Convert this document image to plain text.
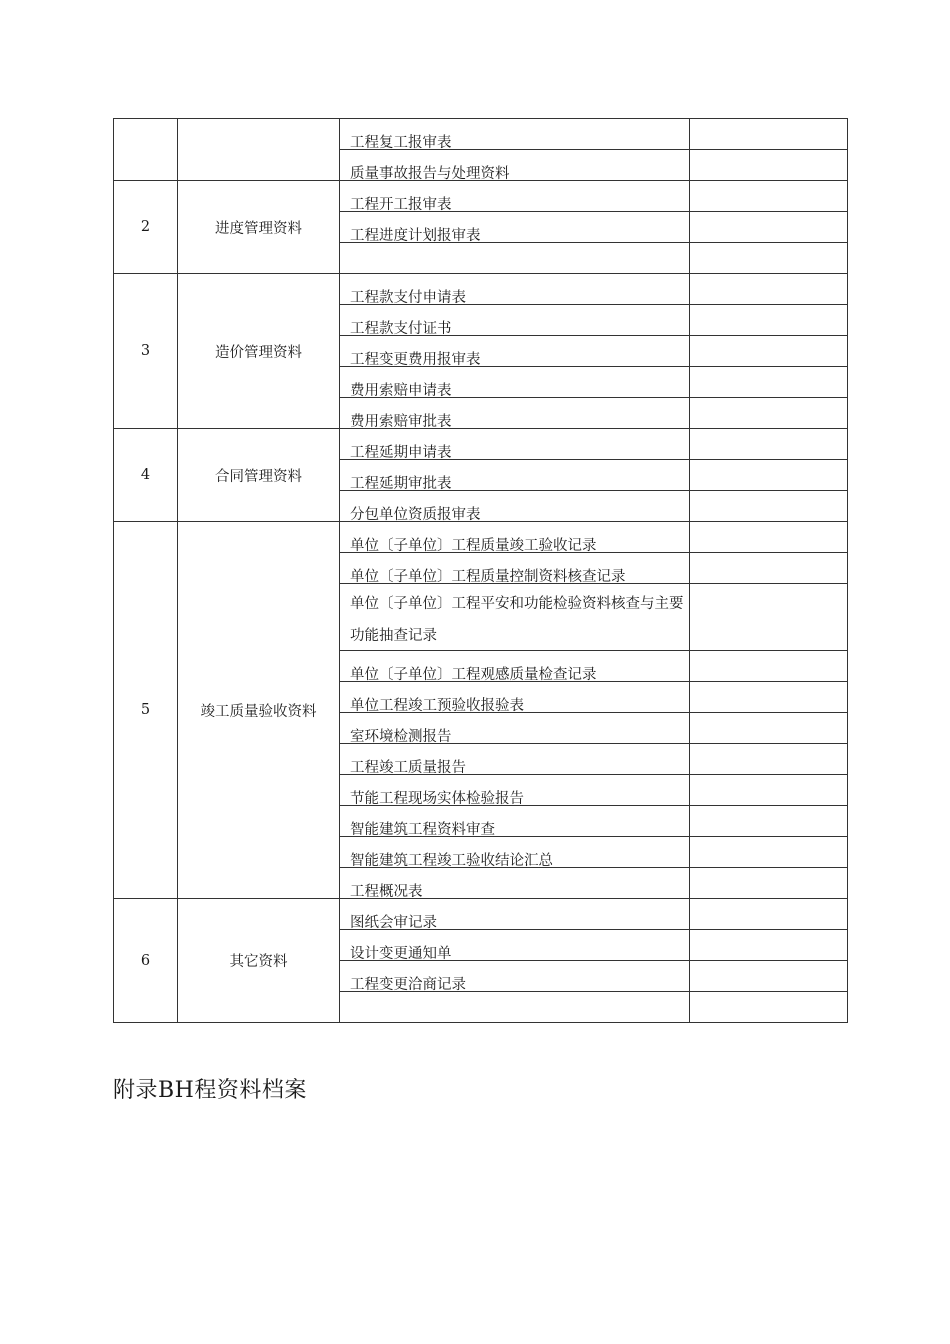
		工程复工报审表	
		质量事故报告与处理资料	
2	进度管理资料	工程开工报审表	
		工程进度计划报审表	

3	造价管理资料	工程款支付申请表	
		工程款支付证书	
		工程变更费用报审表	
		费用索赔申请表	
		费用索赔审批表	
4	合同管理资料	工程延期申请表	
		工程延期审批表	
		分包单位资质报审表	
5	竣工质量验收资料	单位〔子单位〕工程质量竣工验收记录	
		单位〔子单位〕工程质量控制资料核查记录	
		单位〔子单位〕工程平安和功能检验资料核查与主要功能抽查记录	
		单位〔子单位〕工程观感质量检查记录	
		单位工程竣工预验收报验表	
		室环境检测报告	
		工程竣工质量报告	
		节能工程现场实体检验报告	
		智能建筑工程资料审查	
		智能建筑工程竣工验收结论汇总	
		工程概况表	
6	其它资料	图纸会审记录	
		设计变更通知单	
		工程变更洽商记录	

附录BH程资料档案
